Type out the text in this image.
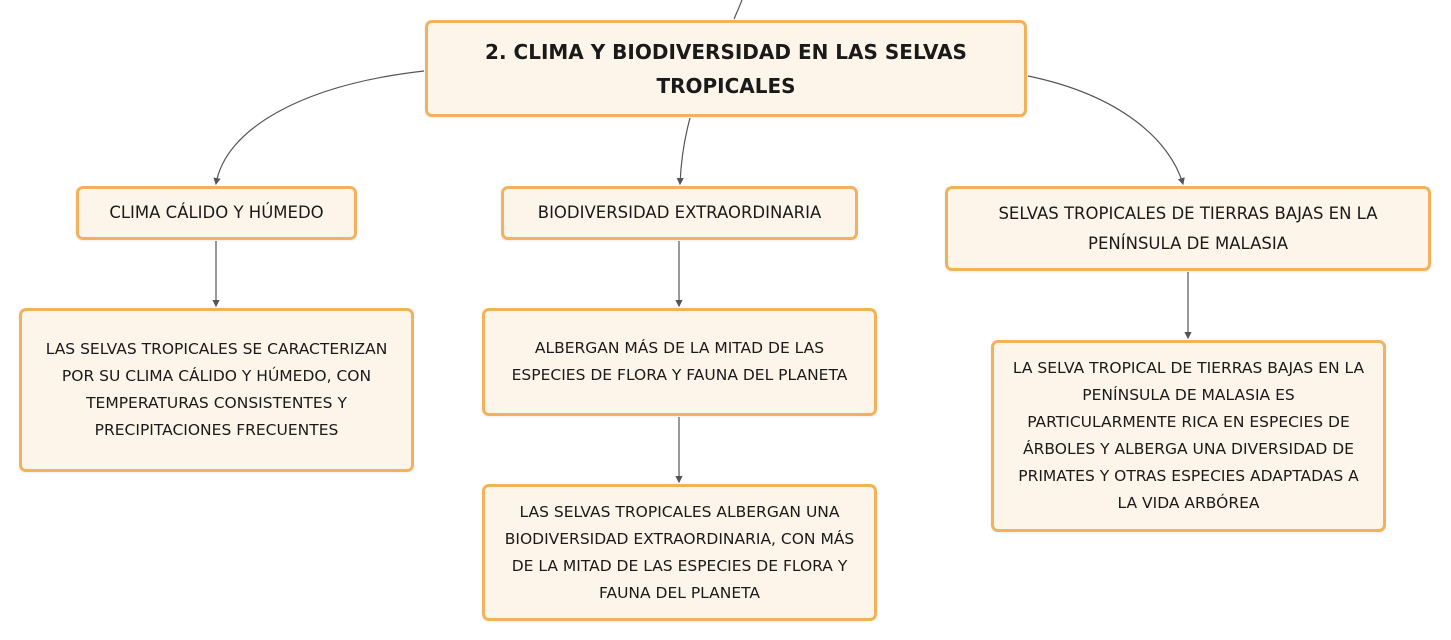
2. CLIMA Y BIODIVERSIDAD EN LAS SELVAS TROPICALES
CLIMA CÁLIDO Y HÚMEDO	BIODIVERSIDAD EXTRAORDINARIA	SELVAS TROPICALES DE TIERRAS BAJAS EN LA PENÍNSULA DE MALASIA
LAS SELVAS TROPICALES SE CARACTERIZAN POR SU CLIMA CÁLIDO Y HÚMEDO, CON TEMPERATURAS CONSISTENTES Y PRECIPITACIONES FRECUENTES
ALBERGAN MÁS DE LA MITAD DE LAS ESPECIES DE FLORA Y FAUNA DEL PLANETA
LAS SELVAS TROPICALES ALBERGAN UNA BIODIVERSIDAD EXTRAORDINARIA, CON MÁS DE LA MITAD DE LAS ESPECIES DE FLORA Y FAUNA DEL PLANETA
LA SELVA TROPICAL DE TIERRAS BAJAS EN LA PENÍNSULA DE MALASIA ES PARTICULARMENTE RICA EN ESPECIES DE ÁRBOLES Y ALBERGA UNA DIVERSIDAD DE PRIMATES Y OTRAS ESPECIES ADAPTADAS A LA VIDA ARBÓREA
